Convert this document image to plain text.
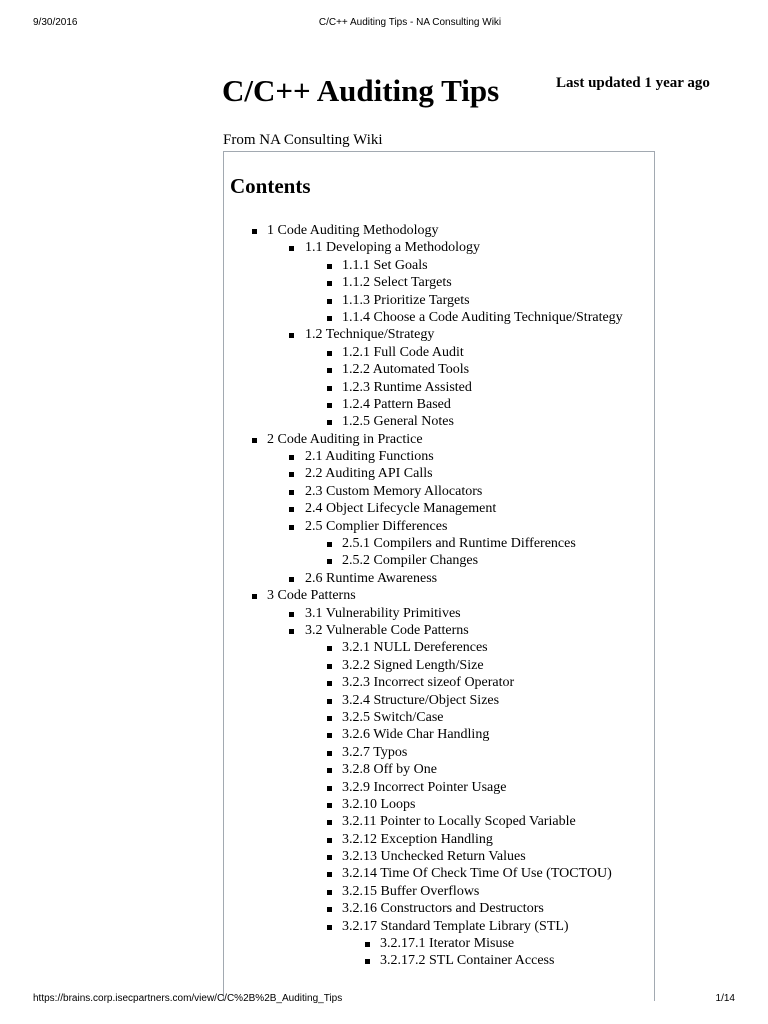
9/30/2016	C/C++ Auditing Tips - NA Consulting Wiki
C/C++ Auditing Tips	Last updated 1 year ago
From NA Consulting Wiki
Contents
1 Code Auditing Methodology
1.1 Developing a Methodology
1.1.1 Set Goals
1.1.2 Select Targets
1.1.3 Prioritize Targets
1.1.4 Choose a Code Auditing Technique/Strategy
1.2 Technique/Strategy
1.2.1 Full Code Audit
1.2.2 Automated Tools
1.2.3 Runtime Assisted
1.2.4 Pattern Based
1.2.5 General Notes
2 Code Auditing in Practice
2.1 Auditing Functions
2.2 Auditing API Calls
2.3 Custom Memory Allocators
2.4 Object Lifecycle Management
2.5 Complier Differences
2.5.1 Compilers and Runtime Differences
2.5.2 Compiler Changes
2.6 Runtime Awareness
3 Code Patterns
3.1 Vulnerability Primitives
3.2 Vulnerable Code Patterns
3.2.1 NULL Dereferences
3.2.2 Signed Length/Size
3.2.3 Incorrect sizeof Operator
3.2.4 Structure/Object Sizes
3.2.5 Switch/Case
3.2.6 Wide Char Handling
3.2.7 Typos
3.2.8 Off by One
3.2.9 Incorrect Pointer Usage
3.2.10 Loops
3.2.11 Pointer to Locally Scoped Variable
3.2.12 Exception Handling
3.2.13 Unchecked Return Values
3.2.14 Time Of Check Time Of Use (TOCTOU)
3.2.15 Buffer Overflows
3.2.16 Constructors and Destructors
3.2.17 Standard Template Library (STL)
3.2.17.1 Iterator Misuse
3.2.17.2 STL Container Access
https://brains.corp.isecpartners.com/view/C/C%2B%2B_Auditing_Tips	1/14
